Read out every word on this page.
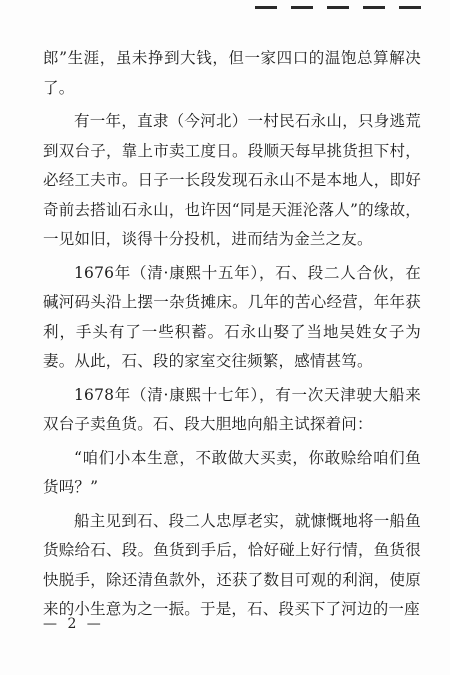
郎”生涯，虽未挣到大钱，但一家四口的温饱总算解决了。

有一年，直隶（今河北）一村民石永山，只身逃荒到双台子，靠上市卖工度日。段顺天每早挑货担下村，必经工夫市。日子一长段发现石永山不是本地人，即好奇前去搭讪石永山，也许因“同是天涯沦落人”的缘故，一见如旧，谈得十分投机，进而结为金兰之友。

1676年（清·康熙十五年），石、段二人合伙，在碱河码头沿上摆一杂货摊床。几年的苦心经营，年年获利，手头有了一些积蓄。石永山娶了当地吴姓女子为妻。从此，石、段的家室交往频繁，感情甚笃。

1678年（清·康熙十七年），有一次天津驶大船来双台子卖鱼货。石、段大胆地向船主试探着问：

“咱们小本生意，不敢做大买卖，你敢赊给咱们鱼货吗？”

船主见到石、段二人忠厚老实，就慷慨地将一船鱼货赊给石、段。鱼货到手后，恰好碰上好行情，鱼货很快脱手，除还清鱼款外，还获了数目可观的利润，使原来的小生意为之一振。于是，石、段买下了河边的一座

— 2 —
